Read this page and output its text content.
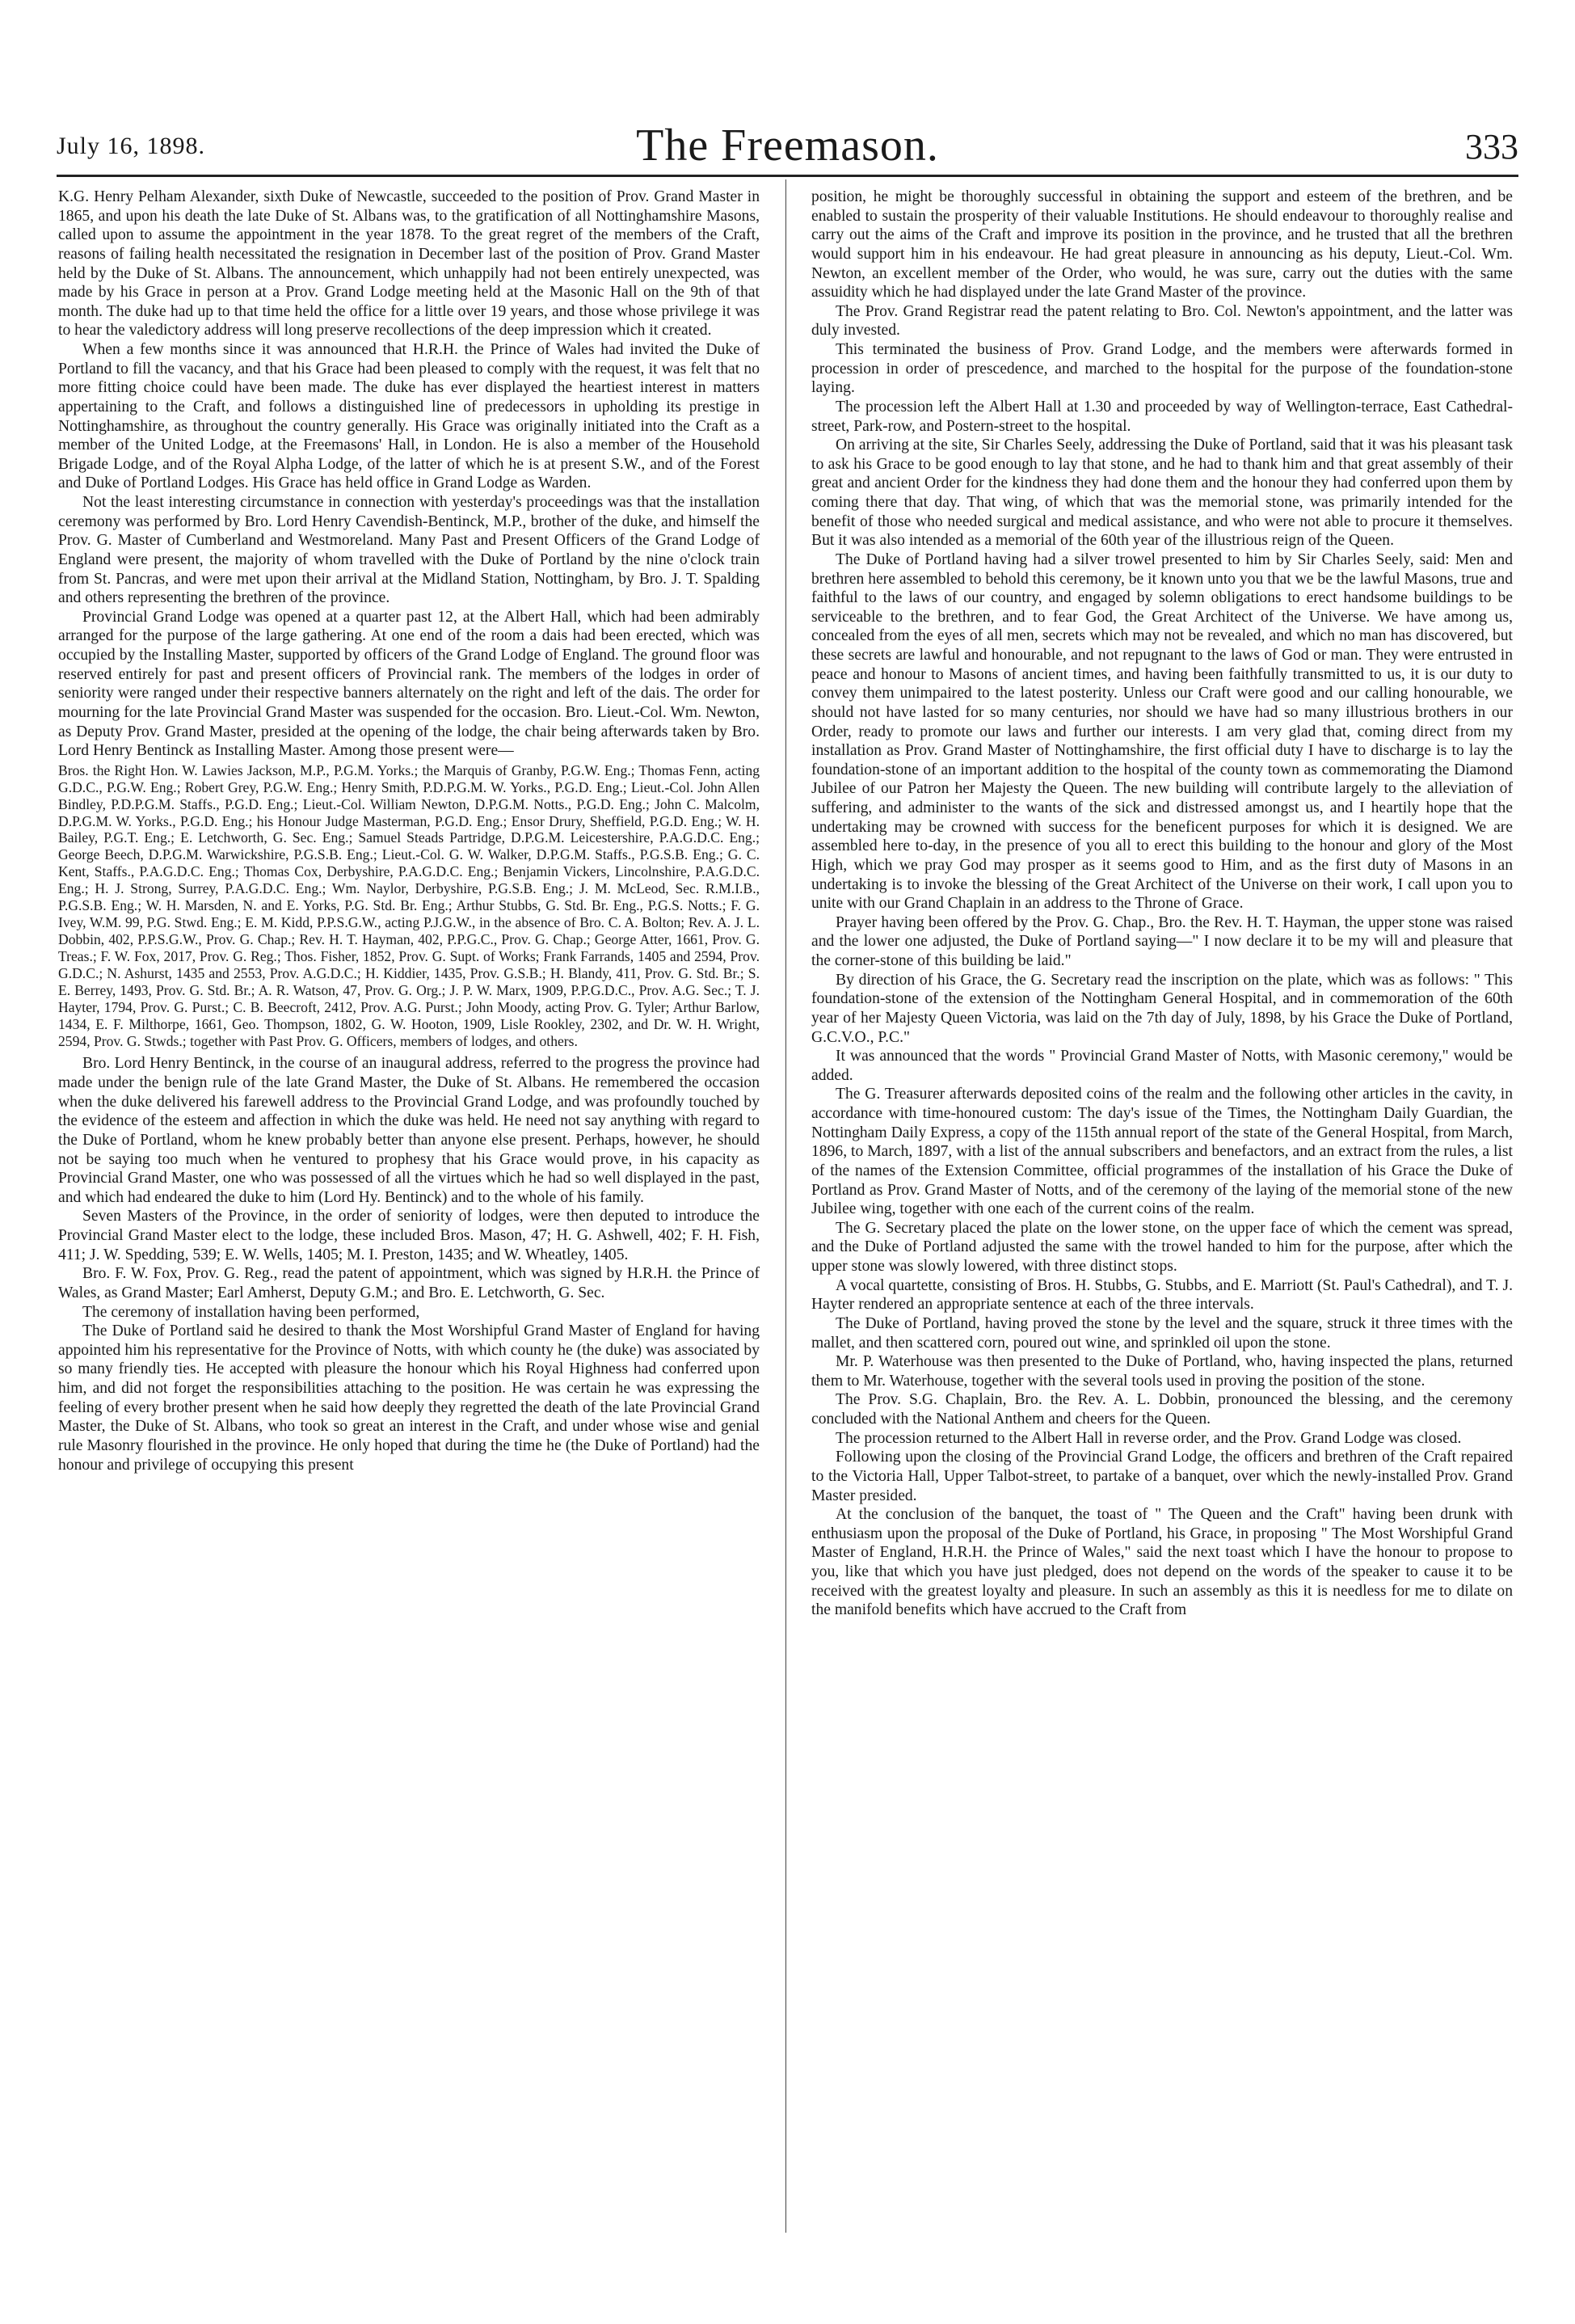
July 16, 1898.	The Freemason.	333

K.G. Henry Pelham Alexander, sixth Duke of Newcastle, succeeded to the position of Prov. Grand Master in 1865, and upon his death the late Duke of St. Albans was, to the gratification of all Nottinghamshire Masons, called upon to assume the appointment in the year 1878. To the great regret of the members of the Craft, reasons of failing health necessitated the resignation in December last of the position of Prov. Grand Master held by the Duke of St. Albans. The announcement, which unhappily had not been entirely unexpected, was made by his Grace in person at a Prov. Grand Lodge meeting held at the Masonic Hall on the 9th of that month. The duke had up to that time held the office for a little over 19 years, and those whose privilege it was to hear the valedictory address will long preserve recollections of the deep impression which it created.

When a few months since it was announced that H.R.H. the Prince of Wales had invited the Duke of Portland to fill the vacancy, and that his Grace had been pleased to comply with the request, it was felt that no more fitting choice could have been made. The duke has ever displayed the heartiest interest in matters appertaining to the Craft, and follows a distinguished line of predecessors in upholding its prestige in Nottinghamshire, as throughout the country generally. His Grace was originally initiated into the Craft as a member of the United Lodge, at the Freemasons' Hall, in London. He is also a member of the Household Brigade Lodge, and of the Royal Alpha Lodge, of the latter of which he is at present S.W., and of the Forest and Duke of Portland Lodges. His Grace has held office in Grand Lodge as Warden.

Not the least interesting circumstance in connection with yesterday's proceedings was that the installation ceremony was performed by Bro. Lord Henry Cavendish-Bentinck, M.P., brother of the duke, and himself the Prov. G. Master of Cumberland and Westmoreland. Many Past and Present Officers of the Grand Lodge of England were present, the majority of whom travelled with the Duke of Portland by the nine o'clock train from St. Pancras, and were met upon their arrival at the Midland Station, Nottingham, by Bro. J. T. Spalding and others representing the brethren of the province.

Provincial Grand Lodge was opened at a quarter past 12, at the Albert Hall, which had been admirably arranged for the purpose of the large gathering. At one end of the room a dais had been erected, which was occupied by the Installing Master, supported by officers of the Grand Lodge of England. The ground floor was reserved entirely for past and present officers of Provincial rank. The members of the lodges in order of seniority were ranged under their respective banners alternately on the right and left of the dais. The order for mourning for the late Provincial Grand Master was suspended for the occasion. Bro. Lieut.-Col. Wm. Newton, as Deputy Prov. Grand Master, presided at the opening of the lodge, the chair being afterwards taken by Bro. Lord Henry Bentinck as Installing Master. Among those present were—

Bros. the Right Hon. W. Lawies Jackson, M.P., P.G.M. Yorks.; the Marquis of Granby, P.G.W. Eng.; Thomas Fenn, acting G.D.C., P.G.W. Eng.; Robert Grey, P.G.W. Eng.; Henry Smith, P.D.P.G.M. W. Yorks., P.G.D. Eng.; Lieut.-Col. John Allen Bindley, P.D.P.G.M. Staffs., P.G.D. Eng.; Lieut.-Col. William Newton, D.P.G.M. Notts., P.G.D. Eng.; John C. Malcolm, D.P.G.M. W. Yorks., P.G.D. Eng.; his Honour Judge Masterman, P.G.D. Eng.; Ensor Drury, Sheffield, P.G.D. Eng.; W. H. Bailey, P.G.T. Eng.; E. Letchworth, G. Sec. Eng.; Samuel Steads Partridge, D.P.G.M. Leicestershire, P.A.G.D.C. Eng.; George Beech, D.P.G.M. Warwickshire, P.G.S.B. Eng.; Lieut.-Col. G. W. Walker, D.P.G.M. Staffs., P.G.S.B. Eng.; G. C. Kent, Staffs., P.A.G.D.C. Eng.; Thomas Cox, Derbyshire, P.A.G.D.C. Eng.; Benjamin Vickers, Lincolnshire, P.A.G.D.C. Eng.; H. J. Strong, Surrey, P.A.G.D.C. Eng.; Wm. Naylor, Derbyshire, P.G.S.B. Eng.; J. M. McLeod, Sec. R.M.I.B., P.G.S.B. Eng.; W. H. Marsden, N. and E. Yorks, P.G. Std. Br. Eng.; Arthur Stubbs, G. Std. Br. Eng., P.G.S. Notts.; F. G. Ivey, W.M. 99, P.G. Stwd. Eng.; E. M. Kidd, P.P.S.G.W., acting P.J.G.W., in the absence of Bro. C. A. Bolton; Rev. A. J. L. Dobbin, 402, P.P.S.G.W., Prov. G. Chap.; Rev. H. T. Hayman, 402, P.P.G.C., Prov. G. Chap.; George Atter, 1661, Prov. G. Treas.; F. W. Fox, 2017, Prov. G. Reg.; Thos. Fisher, 1852, Prov. G. Supt. of Works; Frank Farrands, 1405 and 2594, Prov. G.D.C.; N. Ashurst, 1435 and 2553, Prov. A.G.D.C.; H. Kiddier, 1435, Prov. G.S.B.; H. Blandy, 411, Prov. G. Std. Br.; S. E. Berrey, 1493, Prov. G. Std. Br.; A. R. Watson, 47, Prov. G. Org.; J. P. W. Marx, 1909, P.P.G.D.C., Prov. A.G. Sec.; T. J. Hayter, 1794, Prov. G. Purst.; C. B. Beecroft, 2412, Prov. A.G. Purst.; John Moody, acting Prov. G. Tyler; Arthur Barlow, 1434, E. F. Milthorpe, 1661, Geo. Thompson, 1802, G. W. Hooton, 1909, Lisle Rookley, 2302, and Dr. W. H. Wright, 2594, Prov. G. Stwds.; together with Past Prov. G. Officers, members of lodges, and others.

Bro. Lord Henry Bentinck, in the course of an inaugural address, referred to the progress the province had made under the benign rule of the late Grand Master, the Duke of St. Albans. He remembered the occasion when the duke delivered his farewell address to the Provincial Grand Lodge, and was profoundly touched by the evidence of the esteem and affection in which the duke was held. He need not say anything with regard to the Duke of Portland, whom he knew probably better than anyone else present. Perhaps, however, he should not be saying too much when he ventured to prophesy that his Grace would prove, in his capacity as Provincial Grand Master, one who was possessed of all the virtues which he had so well displayed in the past, and which had endeared the duke to him (Lord Hy. Bentinck) and to the whole of his family.

Seven Masters of the Province, in the order of seniority of lodges, were then deputed to introduce the Provincial Grand Master elect to the lodge, these included Bros. Mason, 47; H. G. Ashwell, 402; F. H. Fish, 411; J. W. Spedding, 539; E. W. Wells, 1405; M. I. Preston, 1435; and W. Wheatley, 1405.

Bro. F. W. Fox, Prov. G. Reg., read the patent of appointment, which was signed by H.R.H. the Prince of Wales, as Grand Master; Earl Amherst, Deputy G.M.; and Bro. E. Letchworth, G. Sec.

The ceremony of installation having been performed,

The Duke of Portland said he desired to thank the Most Worshipful Grand Master of England for having appointed him his representative for the Province of Notts, with which county he (the duke) was associated by so many friendly ties. He accepted with pleasure the honour which his Royal Highness had conferred upon him, and did not forget the responsibilities attaching to the position. He was certain he was expressing the feeling of every brother present when he said how deeply they regretted the death of the late Provincial Grand Master, the Duke of St. Albans, who took so great an interest in the Craft, and under whose wise and genial rule Masonry flourished in the province. He only hoped that during the time he (the Duke of Portland) had the honour and privilege of occupying this present

position, he might be thoroughly successful in obtaining the support and esteem of the brethren, and be enabled to sustain the prosperity of their valuable Institutions. He should endeavour to thoroughly realise and carry out the aims of the Craft and improve its position in the province, and he trusted that all the brethren would support him in his endeavour. He had great pleasure in announcing as his deputy, Lieut.-Col. Wm. Newton, an excellent member of the Order, who would, he was sure, carry out the duties with the same assuidity which he had displayed under the late Grand Master of the province.

The Prov. Grand Registrar read the patent relating to Bro. Col. Newton's appointment, and the latter was duly invested.

This terminated the business of Prov. Grand Lodge, and the members were afterwards formed in procession in order of prescedence, and marched to the hospital for the purpose of the foundation-stone laying.

The procession left the Albert Hall at 1.30 and proceeded by way of Wellington-terrace, East Cathedral-street, Park-row, and Postern-street to the hospital.

On arriving at the site, Sir Charles Seely, addressing the Duke of Portland, said that it was his pleasant task to ask his Grace to be good enough to lay that stone, and he had to thank him and that great assembly of their great and ancient Order for the kindness they had done them and the honour they had conferred upon them by coming there that day. That wing, of which that was the memorial stone, was primarily intended for the benefit of those who needed surgical and medical assistance, and who were not able to procure it themselves. But it was also intended as a memorial of the 60th year of the illustrious reign of the Queen.

The Duke of Portland having had a silver trowel presented to him by Sir Charles Seely, said: Men and brethren here assembled to behold this ceremony, be it known unto you that we be the lawful Masons, true and faithful to the laws of our country, and engaged by solemn obligations to erect handsome buildings to be serviceable to the brethren, and to fear God, the Great Architect of the Universe. We have among us, concealed from the eyes of all men, secrets which may not be revealed, and which no man has discovered, but these secrets are lawful and honourable, and not repugnant to the laws of God or man. They were entrusted in peace and honour to Masons of ancient times, and having been faithfully transmitted to us, it is our duty to convey them unimpaired to the latest posterity. Unless our Craft were good and our calling honourable, we should not have lasted for so many centuries, nor should we have had so many illustrious brothers in our Order, ready to promote our laws and further our interests. I am very glad that, coming direct from my installation as Prov. Grand Master of Nottinghamshire, the first official duty I have to discharge is to lay the foundation-stone of an important addition to the hospital of the county town as commemorating the Diamond Jubilee of our Patron her Majesty the Queen. The new building will contribute largely to the alleviation of suffering, and administer to the wants of the sick and distressed amongst us, and I heartily hope that the undertaking may be crowned with success for the beneficent purposes for which it is designed. We are assembled here to-day, in the presence of you all to erect this building to the honour and glory of the Most High, which we pray God may prosper as it seems good to Him, and as the first duty of Masons in an undertaking is to invoke the blessing of the Great Architect of the Universe on their work, I call upon you to unite with our Grand Chaplain in an address to the Throne of Grace.

Prayer having been offered by the Prov. G. Chap., Bro. the Rev. H. T. Hayman, the upper stone was raised and the lower one adjusted, the Duke of Portland saying—" I now declare it to be my will and pleasure that the corner-stone of this building be laid."

By direction of his Grace, the G. Secretary read the inscription on the plate, which was as follows: " This foundation-stone of the extension of the Nottingham General Hospital, and in commemoration of the 60th year of her Majesty Queen Victoria, was laid on the 7th day of July, 1898, by his Grace the Duke of Portland, G.C.V.O., P.C."

It was announced that the words " Provincial Grand Master of Notts, with Masonic ceremony," would be added.

The G. Treasurer afterwards deposited coins of the realm and the following other articles in the cavity, in accordance with time-honoured custom: The day's issue of the Times, the Nottingham Daily Guardian, the Nottingham Daily Express, a copy of the 115th annual report of the state of the General Hospital, from March, 1896, to March, 1897, with a list of the annual subscribers and benefactors, and an extract from the rules, a list of the names of the Extension Committee, official programmes of the installation of his Grace the Duke of Portland as Prov. Grand Master of Notts, and of the ceremony of the laying of the memorial stone of the new Jubilee wing, together with one each of the current coins of the realm.

The G. Secretary placed the plate on the lower stone, on the upper face of which the cement was spread, and the Duke of Portland adjusted the same with the trowel handed to him for the purpose, after which the upper stone was slowly lowered, with three distinct stops.

A vocal quartette, consisting of Bros. H. Stubbs, G. Stubbs, and E. Marriott (St. Paul's Cathedral), and T. J. Hayter rendered an appropriate sentence at each of the three intervals.

The Duke of Portland, having proved the stone by the level and the square, struck it three times with the mallet, and then scattered corn, poured out wine, and sprinkled oil upon the stone.

Mr. P. Waterhouse was then presented to the Duke of Portland, who, having inspected the plans, returned them to Mr. Waterhouse, together with the several tools used in proving the position of the stone.

The Prov. S.G. Chaplain, Bro. the Rev. A. L. Dobbin, pronounced the blessing, and the ceremony concluded with the National Anthem and cheers for the Queen.

The procession returned to the Albert Hall in reverse order, and the Prov. Grand Lodge was closed.

Following upon the closing of the Provincial Grand Lodge, the officers and brethren of the Craft repaired to the Victoria Hall, Upper Talbot-street, to partake of a banquet, over which the newly-installed Prov. Grand Master presided.

At the conclusion of the banquet, the toast of " The Queen and the Craft" having been drunk with enthusiasm upon the proposal of the Duke of Portland, his Grace, in proposing " The Most Worshipful Grand Master of England, H.R.H. the Prince of Wales," said the next toast which I have the honour to propose to you, like that which you have just pledged, does not depend on the words of the speaker to cause it to be received with the greatest loyalty and pleasure. In such an assembly as this it is needless for me to dilate on the manifold benefits which have accrued to the Craft from
